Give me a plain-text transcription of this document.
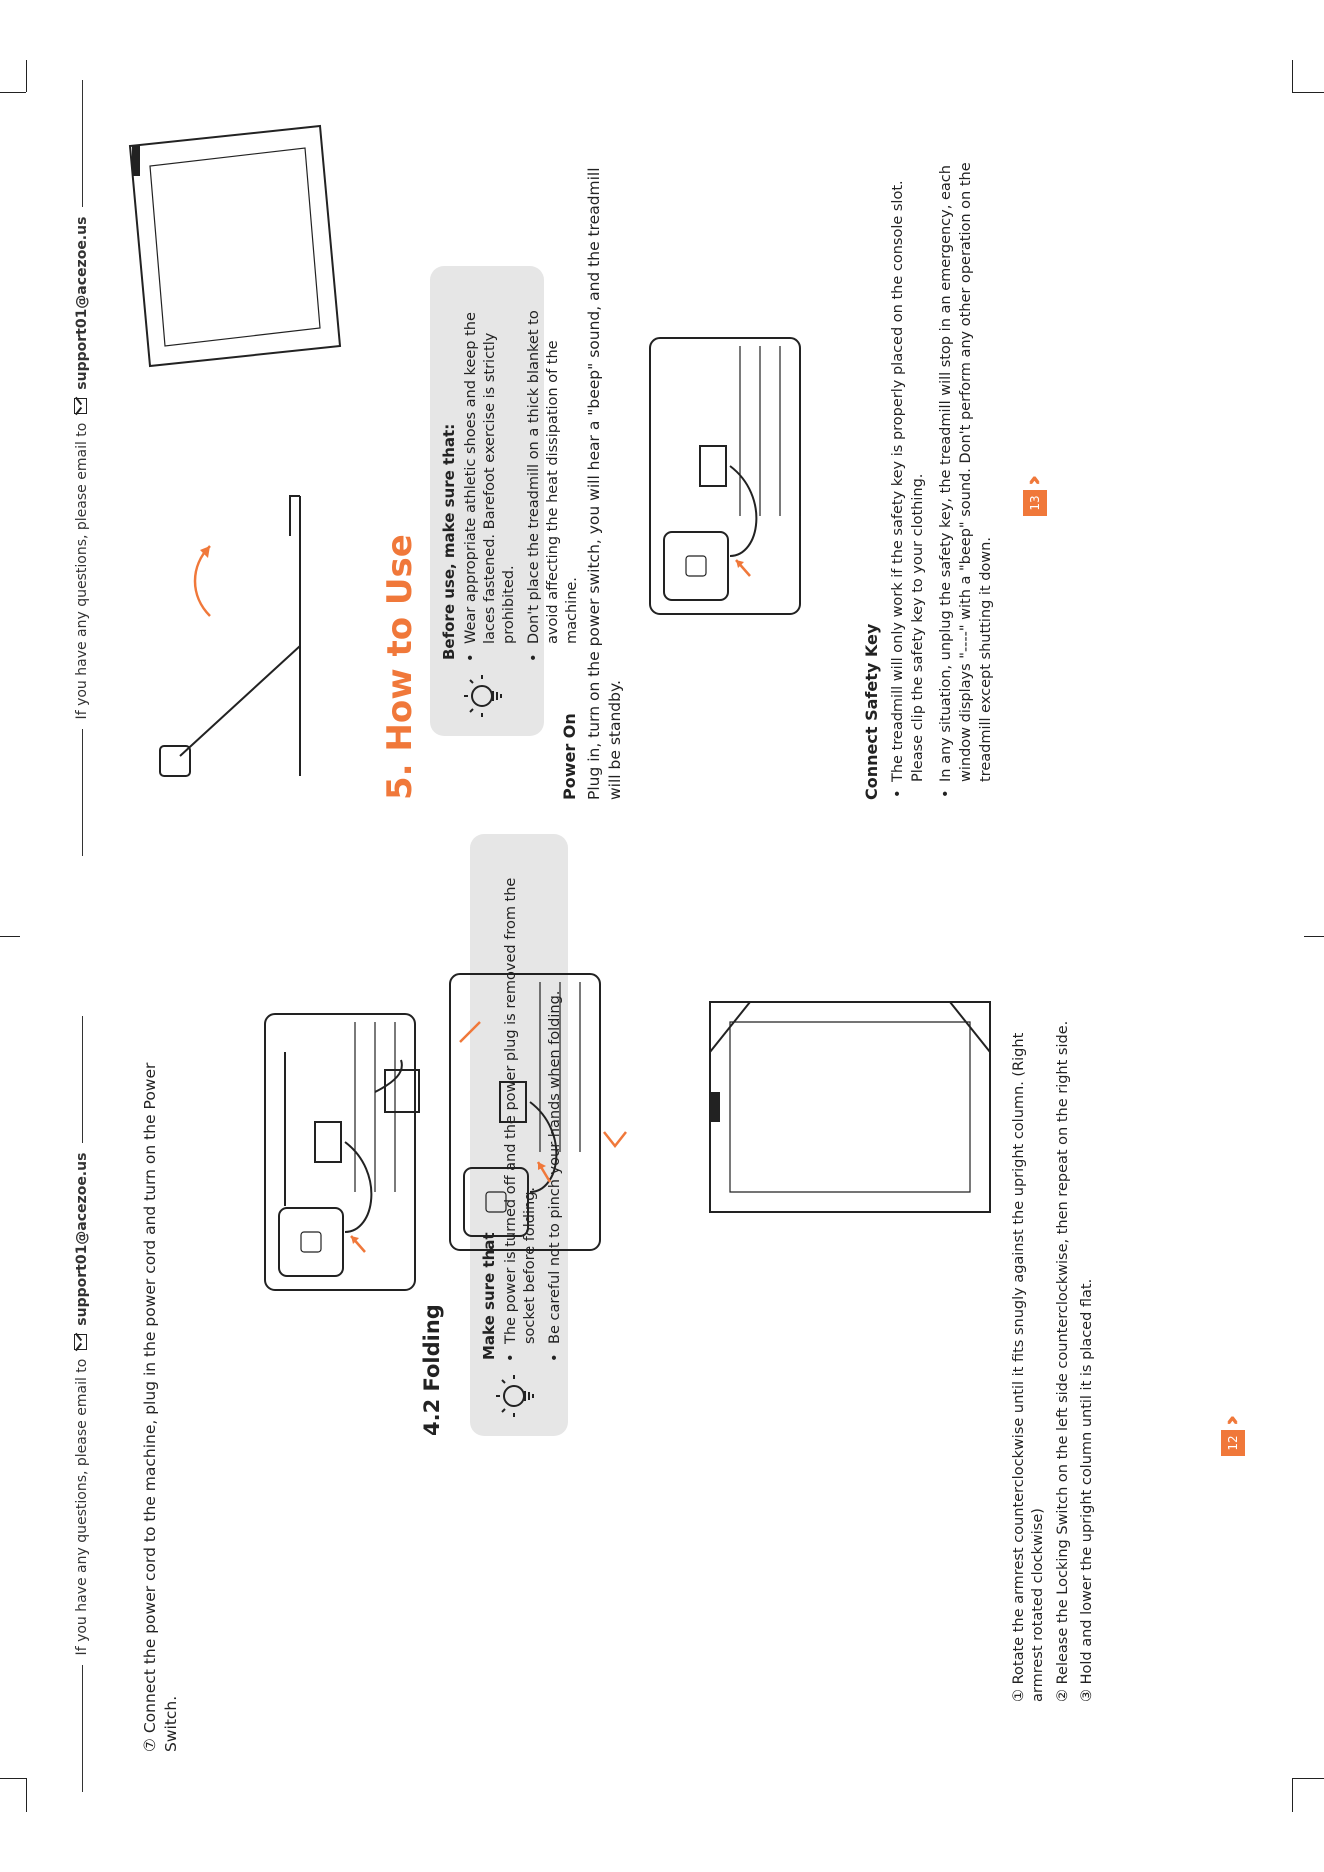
If you have any questions, please email to  support01@acezoe.us	⑦ Connect the power cord to the machine, plug in the power cord and turn on the Power Switch.
4.2 Folding
Make sure that • The power is turned off and the power plug is removed from the socket before folding. • Be careful not to pinch your hands when folding.	① Rotate the armrest counterclockwise until it fits snugly against the upright column. (Right armrest rotated clockwise) ② Release the Locking Switch on the left side counterclockwise, then repeat on the right side. ③ Hold and lower the upright column until it is placed flat.	12
›››
If you have any questions, please email to  support01@acezoe.us
5. How to Use Before use, make sure that: • Wear appropriate athletic shoes and keep the laces fastened. Barefoot exercise is strictly prohibited. • Don't place the treadmill on a thick blanket to avoid affecting the heat dissipation of the machine.
Power On Plug in, turn on the power switch, you will hear a "beep" sound, and the treadmill will be standby.	Connect Safety Key • The treadmill will only work if the safety key is properly placed on the console slot. Please clip the safety key to your clothing. • In any situation, unplug the safety key, the treadmill will stop in an emergency, each window displays "----" with a "beep" sound. Don't perform any other operation on the treadmill except shutting it down.
13
›››
